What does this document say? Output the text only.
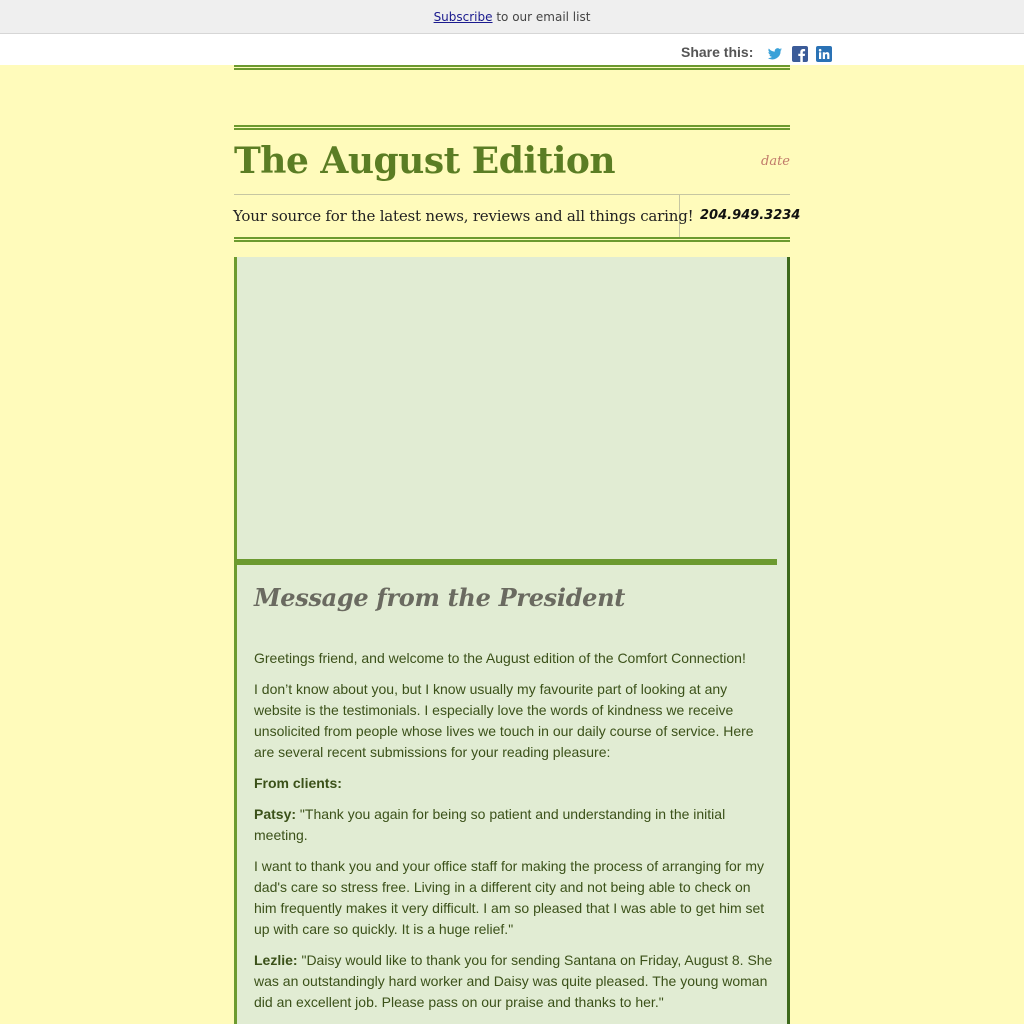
Subscribe to our email list
Share this:
The August Edition	date
Your source for the latest news, reviews and all things caring! 204.949.3234
Message from the President

Greetings friend, and welcome to the August edition of the Comfort Connection!

I don’t know about you, but I know usually my favourite part of looking at any website is the testimonials. I especially love the words of kindness we receive unsolicited from people whose lives we touch in our daily course of service. Here are several recent submissions for your reading pleasure:

From clients:

Patsy: "Thank you again for being so patient and understanding in the initial meeting.

I want to thank you and your office staff for making the process of arranging for my dad's care so stress free. Living in a different city and not being able to check on him frequently makes it very difficult. I am so pleased that I was able to get him set up with care so quickly. It is a huge relief."

Lezlie: "Daisy would like to thank you for sending Santana on Friday, August 8. She was an outstandingly hard worker and Daisy was quite pleased. The young woman did an excellent job. Please pass on our praise and thanks to her."
